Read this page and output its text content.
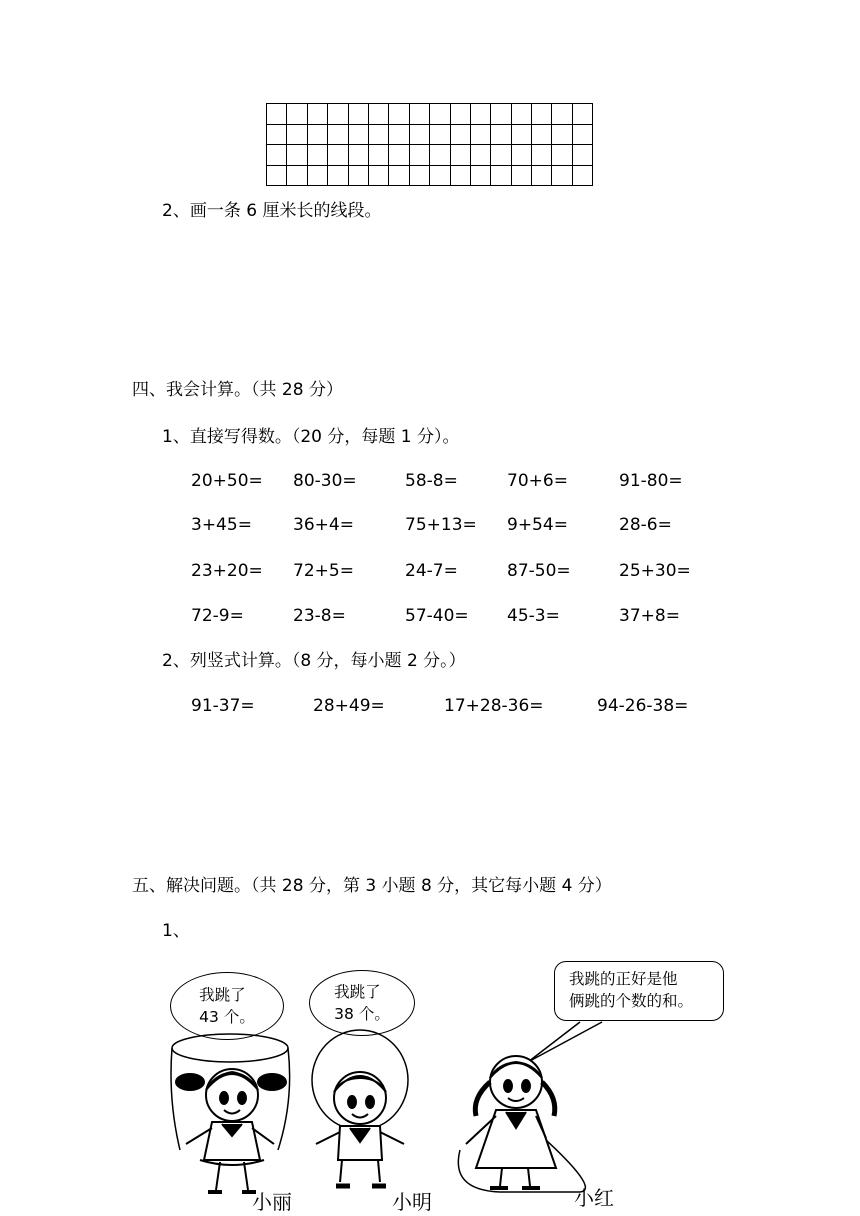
2、画一条 6 厘米长的线段。
四、我会计算。（共 28 分）
1、直接写得数。（20 分，每题 1 分）。
20+50= 80-30=	58-8=	70+6=	91-80=
3+45= 36+4=	75+13= 9+54=	28-6=
23+20= 72+5=	24-7=	87-50=	25+30=
72-9=	23-8=	57-40= 45-3=	37+8=
2、列竖式计算。（8 分，每小题 2 分。）
91-37=	28+49=	17+28-36=	94-26-38=
五、解决问题。（共 28 分，第 3 小题 8 分，其它每小题 4 分）
1、
我跳了
43 个。
我跳了
38 个。
我跳的正好是他
俩跳的个数的和。
小丽	小明	小红
